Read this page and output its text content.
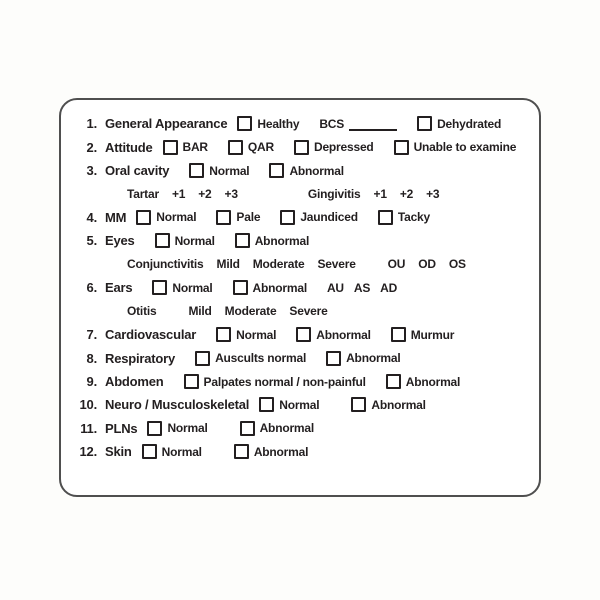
1. General Appearance	Healthy BCS	Dehydrated
2. Attitude	BAR	QAR	Depressed	Unable to examine
3. Oral cavity	Normal	Abnormal
Tartar +1 +2 +3	Gingivitis +1 +2 +3
4. MM	Normal	Pale	Jaundiced	Tacky
5. Eyes	Normal	Abnormal
Conjunctivitis Mild Moderate Severe	OU OD OS
6. Ears	Normal	Abnormal AU AS AD
Otitis	Mild Moderate Severe
7. Cardiovascular	Normal	Abnormal	Murmur
8. Respiratory	Auscults normal	Abnormal
9. Abdomen	Palpates normal / non-painful	Abnormal
10. Neuro / Musculoskeletal	Normal	Abnormal
11. PLNs	Normal	Abnormal
12. Skin	Normal	Abnormal
